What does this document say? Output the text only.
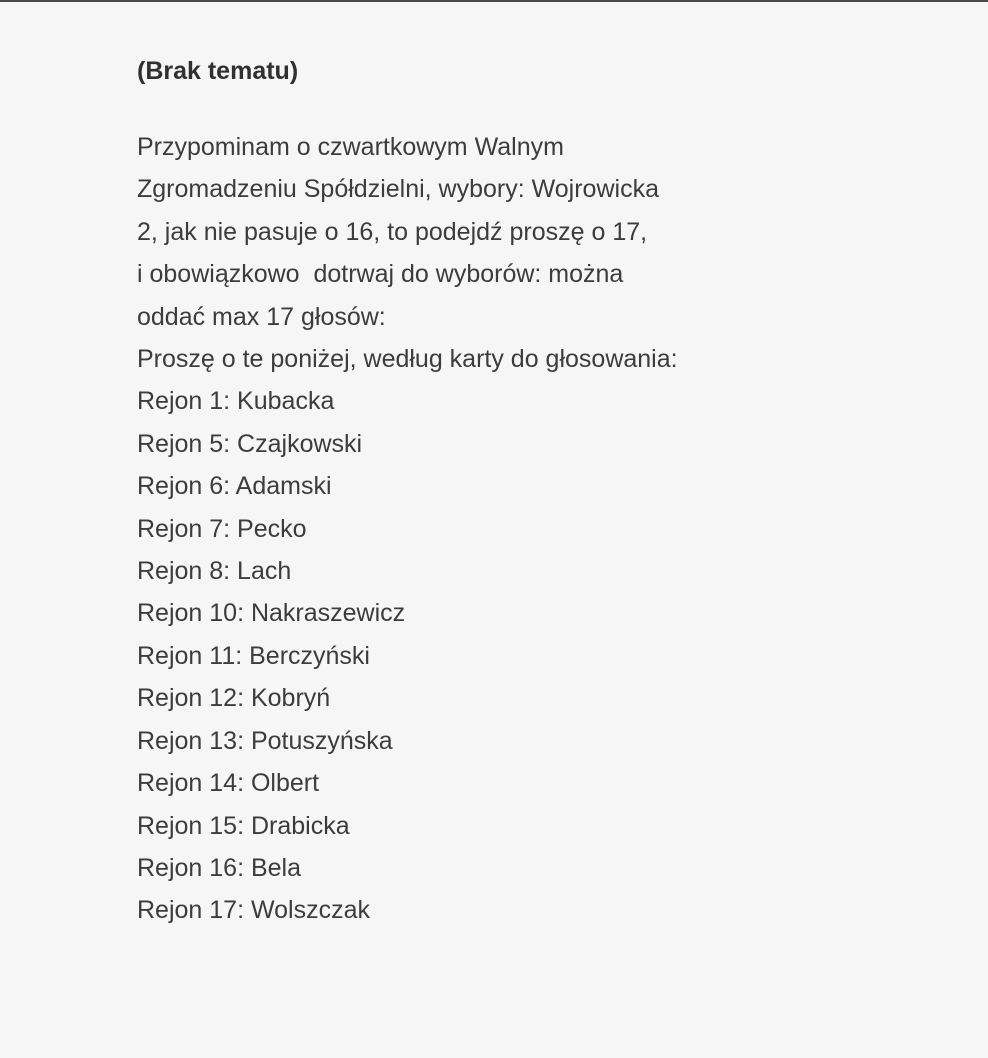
(Brak tematu)
Przypominam o czwartkowym Walnym
Zgromadzeniu Spółdzielni, wybory: Wojrowicka
2, jak nie pasuje o 16, to podejdź proszę o 17,
i obowiązkowo  dotrwaj do wyborów: można
oddać max 17 głosów:
Proszę o te poniżej, według karty do głosowania:
Rejon 1: Kubacka
Rejon 5: Czajkowski
Rejon 6: Adamski
Rejon 7: Pecko
Rejon 8: Lach
Rejon 10: Nakraszewicz
Rejon 11: Berczyński
Rejon 12: Kobryń
Rejon 13: Potuszyńska
Rejon 14: Olbert
Rejon 15: Drabicka
Rejon 16: Bela
Rejon 17: Wolszczak
